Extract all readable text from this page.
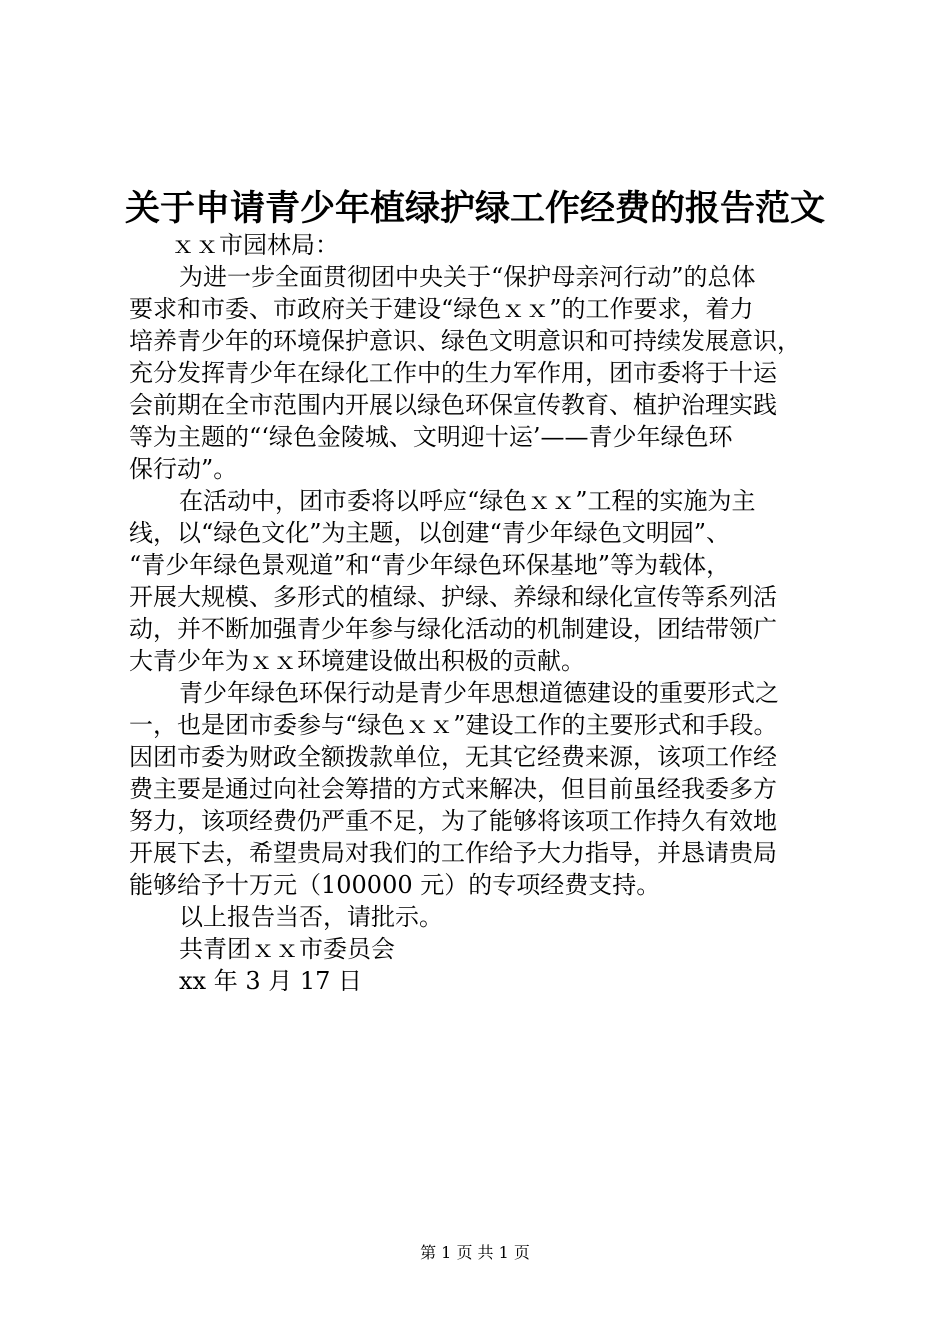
关于申请青少年植绿护绿工作经费的报告范文
ｘｘ市园林局：
为进一步全面贯彻团中央关于“保护母亲河行动”的总体
要求和市委、市政府关于建设“绿色ｘｘ”的工作要求，着力
培养青少年的环境保护意识、绿色文明意识和可持续发展意识，
充分发挥青少年在绿化工作中的生力军作用，团市委将于十运
会前期在全市范围内开展以绿色环保宣传教育、植护治理实践
等为主题的“‘绿色金陵城、文明迎十运’——青少年绿色环
保行动”。
在活动中，团市委将以呼应“绿色ｘｘ”工程的实施为主
线，以“绿色文化”为主题，以创建“青少年绿色文明园”、
“青少年绿色景观道”和“青少年绿色环保基地”等为载体，
开展大规模、多形式的植绿、护绿、养绿和绿化宣传等系列活
动，并不断加强青少年参与绿化活动的机制建设，团结带领广
大青少年为ｘｘ环境建设做出积极的贡献。
青少年绿色环保行动是青少年思想道德建设的重要形式之
一，也是团市委参与“绿色ｘｘ”建设工作的主要形式和手段。
因团市委为财政全额拨款单位，无其它经费来源，该项工作经
费主要是通过向社会筹措的方式来解决，但目前虽经我委多方
努力，该项经费仍严重不足，为了能够将该项工作持久有效地
开展下去，希望贵局对我们的工作给予大力指导，并恳请贵局
能够给予十万元（100000 元）的专项经费支持。
以上报告当否，请批示。
共青团ｘｘ市委员会
xx 年 3 月 17 日
第 1 页 共 1 页
